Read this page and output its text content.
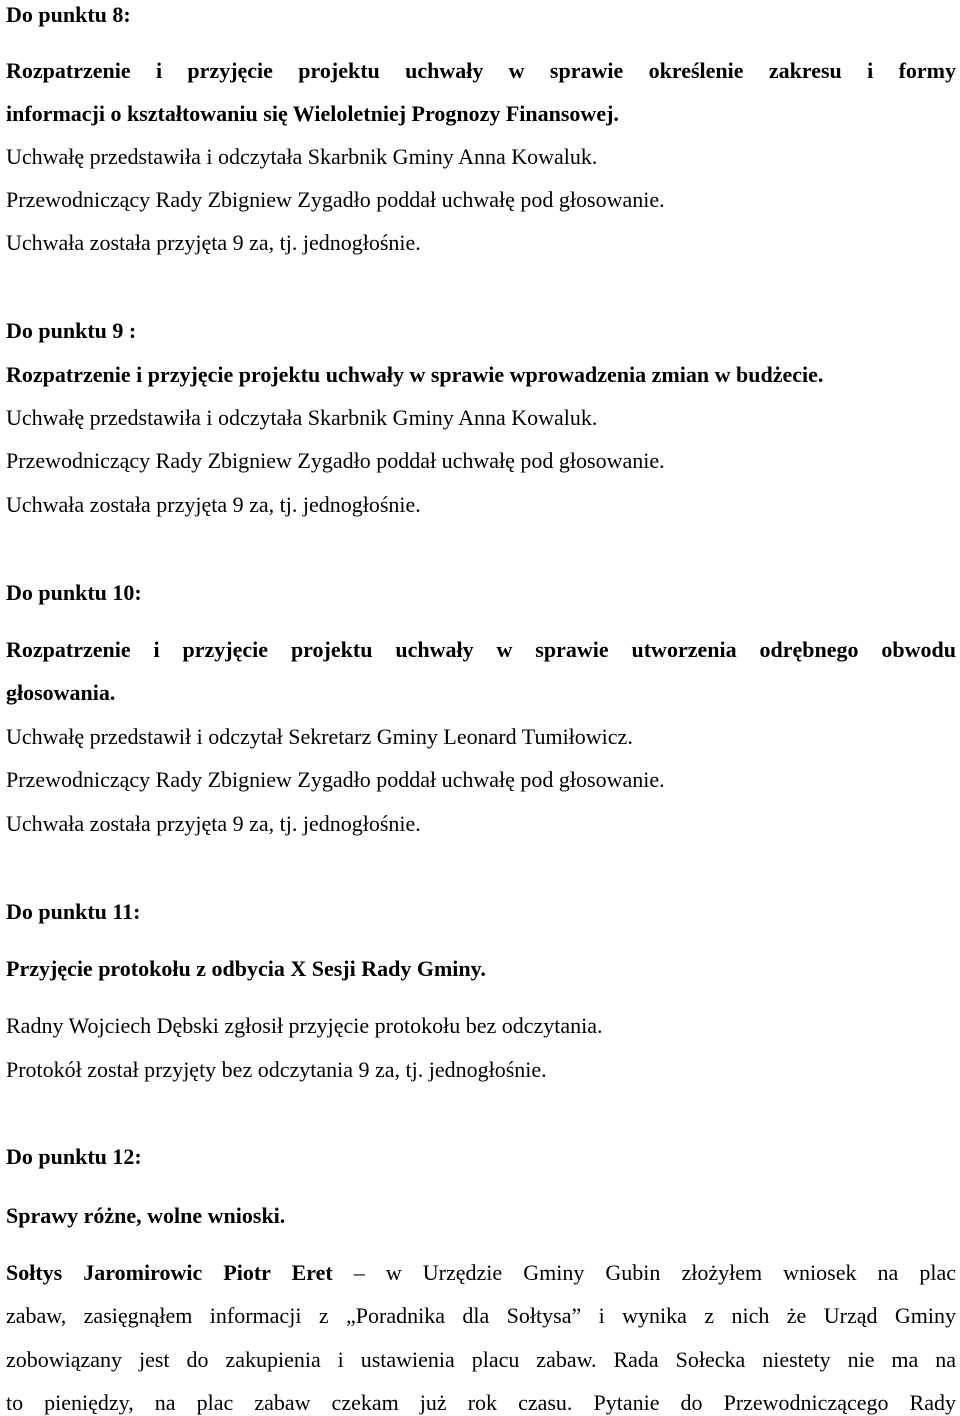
Do punktu 8:
Rozpatrzenie i przyjęcie projektu uchwały w sprawie określenie zakresu i formy
informacji o kształtowaniu się Wieloletniej Prognozy Finansowej.
Uchwałę przedstawiła i odczytała Skarbnik Gminy Anna Kowaluk.
Przewodniczący Rady Zbigniew Zygadło poddał uchwałę pod głosowanie.
Uchwała została przyjęta 9 za, tj. jednogłośnie.
Do punktu 9 :
Rozpatrzenie i przyjęcie projektu uchwały w sprawie wprowadzenia zmian w budżecie.
Uchwałę przedstawiła i odczytała Skarbnik Gminy Anna Kowaluk.
Przewodniczący Rady Zbigniew Zygadło poddał uchwałę pod głosowanie.
Uchwała została przyjęta 9 za, tj. jednogłośnie.
Do punktu 10:
Rozpatrzenie i przyjęcie projektu uchwały w sprawie utworzenia odrębnego obwodu
głosowania.
Uchwałę przedstawił i odczytał Sekretarz Gminy Leonard Tumiłowicz.
Przewodniczący Rady Zbigniew Zygadło poddał uchwałę pod głosowanie.
Uchwała została przyjęta 9 za, tj. jednogłośnie.
Do punktu 11:
Przyjęcie protokołu z odbycia X Sesji Rady Gminy.
Radny Wojciech Dębski zgłosił przyjęcie protokołu bez odczytania.
Protokół został przyjęty bez odczytania 9 za, tj. jednogłośnie.
Do punktu 12:
Sprawy różne, wolne wnioski.
Sołtys Jaromirowic Piotr Eret – w Urzędzie Gminy Gubin złożyłem wniosek na plac
zabaw, zasięgnąłem informacji z „Poradnika dla Sołtysa” i wynika z nich że Urząd Gminy
zobowiązany jest do zakupienia i ustawienia placu zabaw. Rada Sołecka niestety nie ma na
to pieniędzy, na plac zabaw czekam już rok czasu. Pytanie do Przewodniczącego Rady
